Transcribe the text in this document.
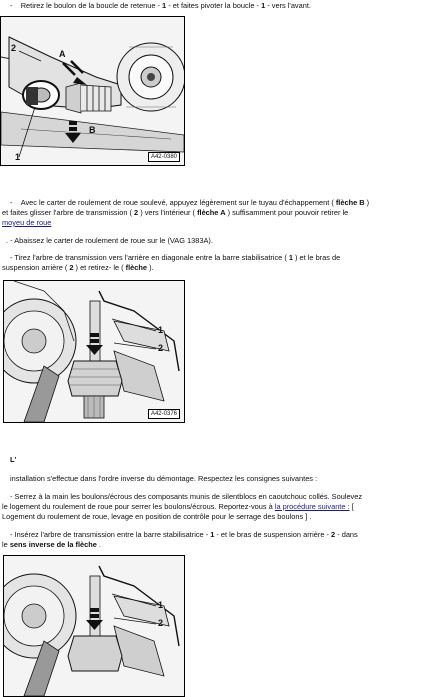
- Retirez le boulon de la boucle de retenue - 1 - et faites pivoter la boucle - 1 - vers l'avant.
2
A
B
1	A42-0380
- Avec le carter de roulement de roue soulevé, appuyez légèrement sur le tuyau d'échappement ( flèche B )
et faites glisser l'arbre de transmission ( 2 ) vers l'intérieur ( flèche A ) suffisamment pour pouvoir retirer le
moyeu de roue
. - Abaissez le carter de roulement de roue sur le (VAG 1383A).
- Tirez l'arbre de transmission vers l'arrière en diagonale entre la barre stabilisatrice ( 1 ) et le bras de
suspension arrière ( 2 ) et retirez- le ( flèche ).
1
2
A42-0376
L'
installation s'effectue dans l'ordre inverse du démontage. Respectez les consignes suivantes :
- Serrez à la main les boulons/écrous des composants munis de silentblocs en caoutchouc collés. Soulevez
le logement du roulement de roue pour serrer les boulons/écrous. Reportez-vous à la procédure suivante : [
Logement du roulement de roue, levage en position de contrôle pour le serrage des boulons ] .
- Insérez l'arbre de transmission entre la barre stabilisatrice - 1 - et le bras de suspension arrière - 2 - dans
le sens inverse de la flèche .
1
2
